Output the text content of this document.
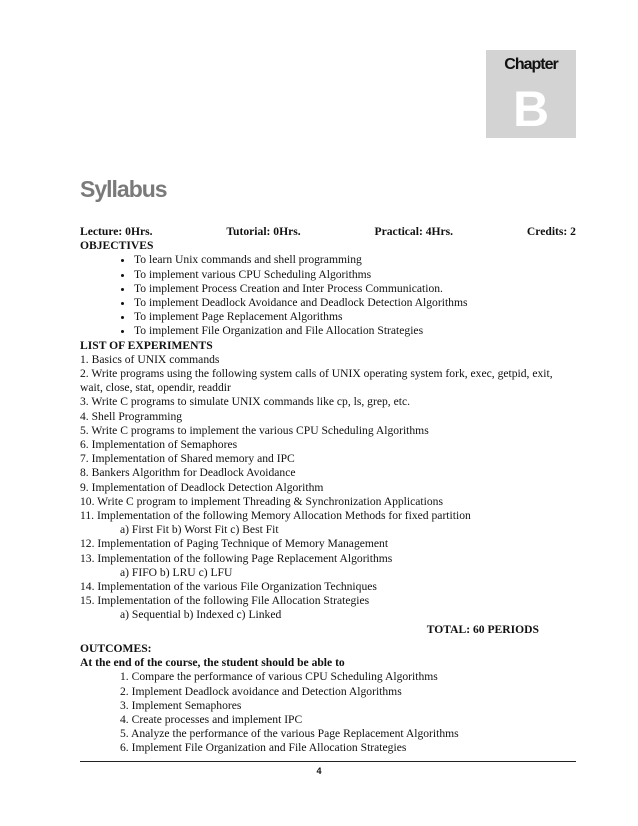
Chapter
B
Syllabus
Lecture: 0Hrs.	Tutorial: 0Hrs.	Practical: 4Hrs.	Credits: 2
OBJECTIVES
• To learn Unix commands and shell programming
• To implement various CPU Scheduling Algorithms
• To implement Process Creation and Inter Process Communication.
• To implement Deadlock Avoidance and Deadlock Detection Algorithms
• To implement Page Replacement Algorithms
• To implement File Organization and File Allocation Strategies
LIST OF EXPERIMENTS
1. Basics of UNIX commands
2. Write programs using the following system calls of UNIX operating system fork, exec, getpid, exit,
wait, close, stat, opendir, readdir
3. Write C programs to simulate UNIX commands like cp, ls, grep, etc.
4. Shell Programming
5. Write C programs to implement the various CPU Scheduling Algorithms
6. Implementation of Semaphores
7. Implementation of Shared memory and IPC
8. Bankers Algorithm for Deadlock Avoidance
9. Implementation of Deadlock Detection Algorithm
10. Write C program to implement Threading & Synchronization Applications
11. Implementation of the following Memory Allocation Methods for fixed partition
a) First Fit b) Worst Fit c) Best Fit
12. Implementation of Paging Technique of Memory Management
13. Implementation of the following Page Replacement Algorithms
a) FIFO b) LRU c) LFU
14. Implementation of the various File Organization Techniques
15. Implementation of the following File Allocation Strategies
a) Sequential b) Indexed c) Linked
TOTAL: 60 PERIODS
OUTCOMES:
At the end of the course, the student should be able to
1. Compare the performance of various CPU Scheduling Algorithms
2. Implement Deadlock avoidance and Detection Algorithms
3. Implement Semaphores
4. Create processes and implement IPC
5. Analyze the performance of the various Page Replacement Algorithms
6. Implement File Organization and File Allocation Strategies
4
